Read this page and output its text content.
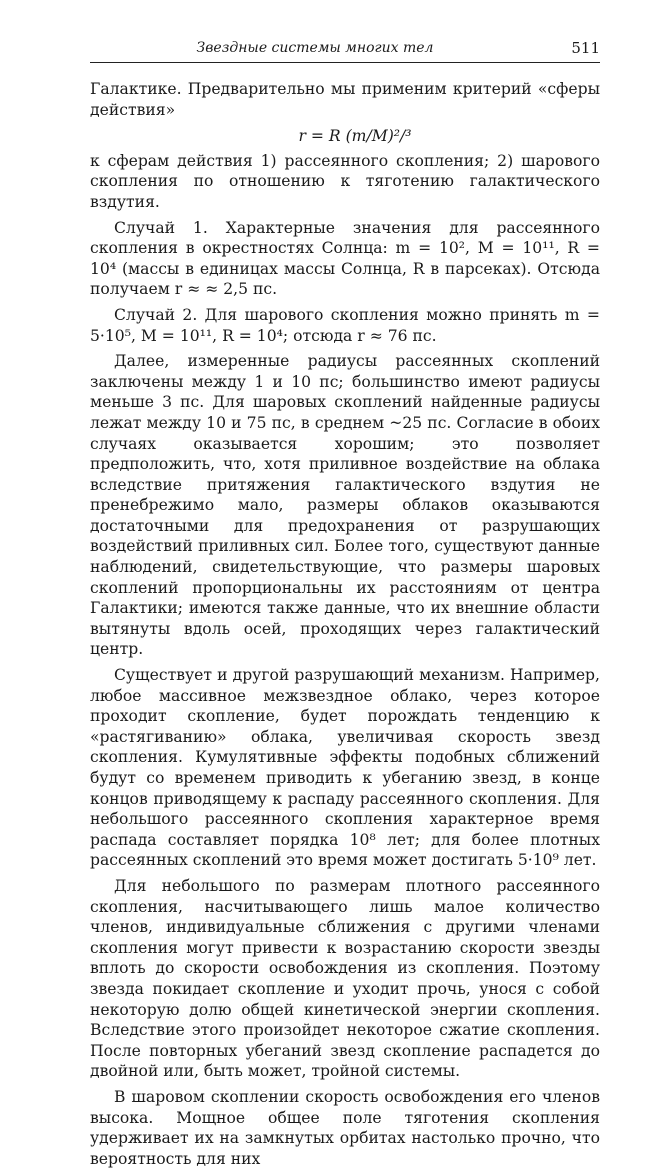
Звездные системы многих тел	511

Галактике. Предварительно мы применим критерий «сферы действия»

r = R (m/M)²/³

к сферам действия 1) рассеянного скопления; 2) шарового скопления по отношению к тяготению галактического вздутия.

Случай 1. Характерные значения для рассеянного скопления в окрестностях Солнца: m = 10², M = 10¹¹, R = 10⁴ (массы в единицах массы Солнца, R в парсеках). Отсюда получаем r ≈ ≈ 2,5 пс.

Случай 2. Для шарового скопления можно принять m = 5·10⁵, M = 10¹¹, R = 10⁴; отсюда r ≈ 76 пс.

Далее, измеренные радиусы рассеянных скоплений заключены между 1 и 10 пс; большинство имеют радиусы меньше 3 пс. Для шаровых скоплений найденные радиусы лежат между 10 и 75 пс, в среднем ~25 пс. Согласие в обоих случаях оказывается хорошим; это позволяет предположить, что, хотя приливное воздействие на облака вследствие притяжения галактического вздутия не пренебрежимо мало, размеры облаков оказываются достаточными для предохранения от разрушающих воздействий приливных сил. Более того, существуют данные наблюдений, свидетельствующие, что размеры шаровых скоплений пропорциональны их расстояниям от центра Галактики; имеются также данные, что их внешние области вытянуты вдоль осей, проходящих через галактический центр.

Существует и другой разрушающий механизм. Например, любое массивное межзвездное облако, через которое проходит скопление, будет порождать тенденцию к «растягиванию» облака, увеличивая скорость звезд скопления. Кумулятивные эффекты подобных сближений будут со временем приводить к убеганию звезд, в конце концов приводящему к распаду рассеянного скопления. Для небольшого рассеянного скопления характерное время распада составляет порядка 10⁸ лет; для более плотных рассеянных скоплений это время может достигать 5·10⁹ лет.

Для небольшого по размерам плотного рассеянного скопления, насчитывающего лишь малое количество членов, индивидуальные сближения с другими членами скопления могут привести к возрастанию скорости звезды вплоть до скорости освобождения из скопления. Поэтому звезда покидает скопление и уходит прочь, унося с собой некоторую долю общей кинетической энергии скопления. Вследствие этого произойдет некоторое сжатие скопления. После повторных убеганий звезд скопление распадется до двойной или, быть может, тройной системы.

В шаровом скоплении скорость освобождения его членов высока. Мощное общее поле тяготения скопления удерживает их на замкнутых орбитах настолько прочно, что вероятность для них
